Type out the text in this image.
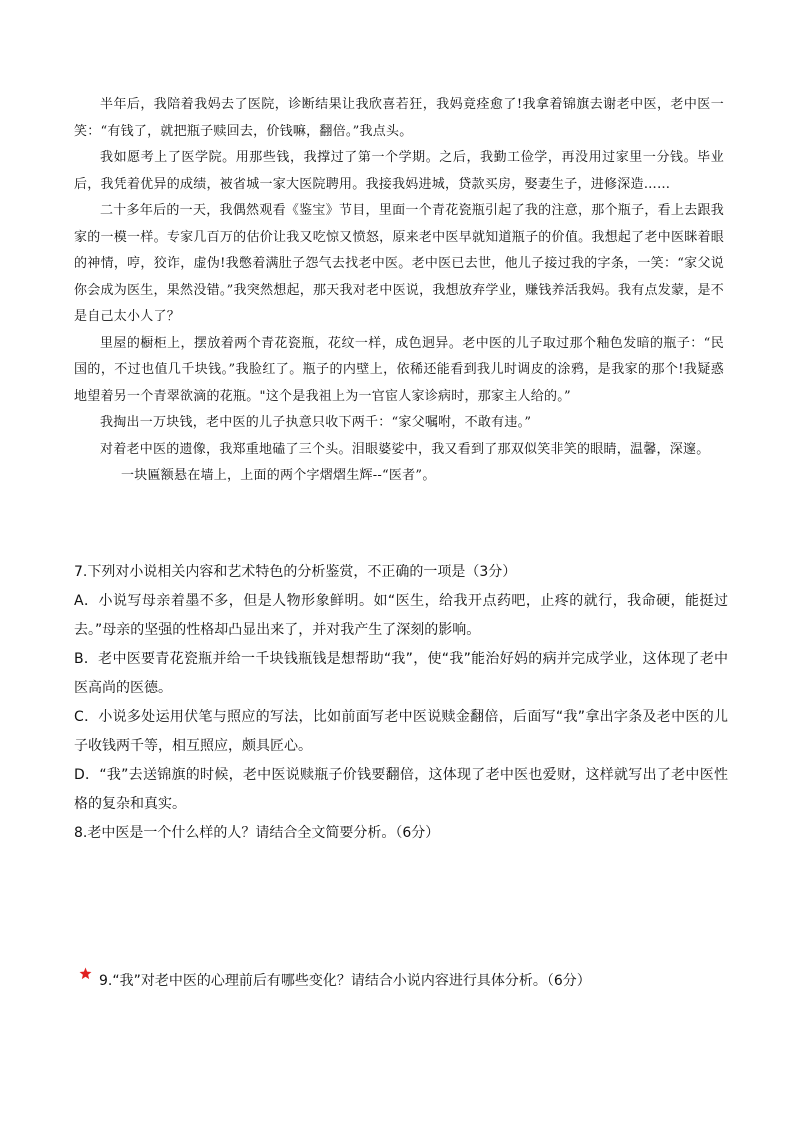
半年后，我陪着我妈去了医院，诊断结果让我欣喜若狂，我妈竟痊愈了!我拿着锦旗去谢老中医，老中医一笑：“有钱了，就把瓶子赎回去，价钱嘛，翻倍。”我点头。

我如愿考上了医学院。用那些钱，我撑过了第一个学期。之后，我勤工俭学，再没用过家里一分钱。毕业后，我凭着优异的成绩，被省城一家大医院聘用。我接我妈进城，贷款买房，娶妻生子，进修深造……

二十多年后的一天，我偶然观看《鉴宝》节目，里面一个青花瓷瓶引起了我的注意，那个瓶子，看上去跟我家的一模一样。专家几百万的估价让我又吃惊又愤怒，原来老中医早就知道瓶子的价值。我想起了老中医眯着眼的神情，哼，狡诈，虚伪!我憋着满肚子怨气去找老中医。老中医已去世，他儿子接过我的字条，一笑：“家父说你会成为医生，果然没错。”我突然想起，那天我对老中医说，我想放弃学业，赚钱养活我妈。我有点发蒙，是不是自己太小人了？

里屋的橱柜上，摆放着两个青花瓷瓶，花纹一样，成色迥异。老中医的儿子取过那个釉色发暗的瓶子：“民国的，不过也值几千块钱。”我脸红了。瓶子的内壁上，依稀还能看到我儿时调皮的涂鸦，是我家的那个!我疑惑地望着另一个青翠欲滴的花瓶。"这个是我祖上为一官宦人家诊病时，那家主人给的。”

我掏出一万块钱，老中医的儿子执意只收下两千：“家父嘱咐，不敢有违。”

对着老中医的遗像，我郑重地磕了三个头。泪眼婆娑中，我又看到了那双似笑非笑的眼睛，温馨，深邃。

一块匾额悬在墙上，上面的两个字熠熠生辉--“医者”。

7.下列对小说相关内容和艺术特色的分析鉴赏，不正确的一项是（3分）

A．小说写母亲着墨不多，但是人物形象鲜明。如“医生，给我开点药吧，止疼的就行，我命硬，能挺过去。”母亲的坚强的性格却凸显出来了，并对我产生了深刻的影响。

B．老中医要青花瓷瓶并给一千块钱瓶钱是想帮助“我”，使“我”能治好妈的病并完成学业，这体现了老中医高尚的医德。

C．小说多处运用伏笔与照应的写法，比如前面写老中医说赎金翻倍，后面写“我”拿出字条及老中医的儿子收钱两千等，相互照应，颇具匠心。

D．“我”去送锦旗的时候，老中医说赎瓶子价钱要翻倍，这体现了老中医也爱财，这样就写出了老中医性格的复杂和真实。

8.老中医是一个什么样的人？请结合全文简要分析。（6分）

9.“我”对老中医的心理前后有哪些变化？请结合小说内容进行具体分析。（6分）
